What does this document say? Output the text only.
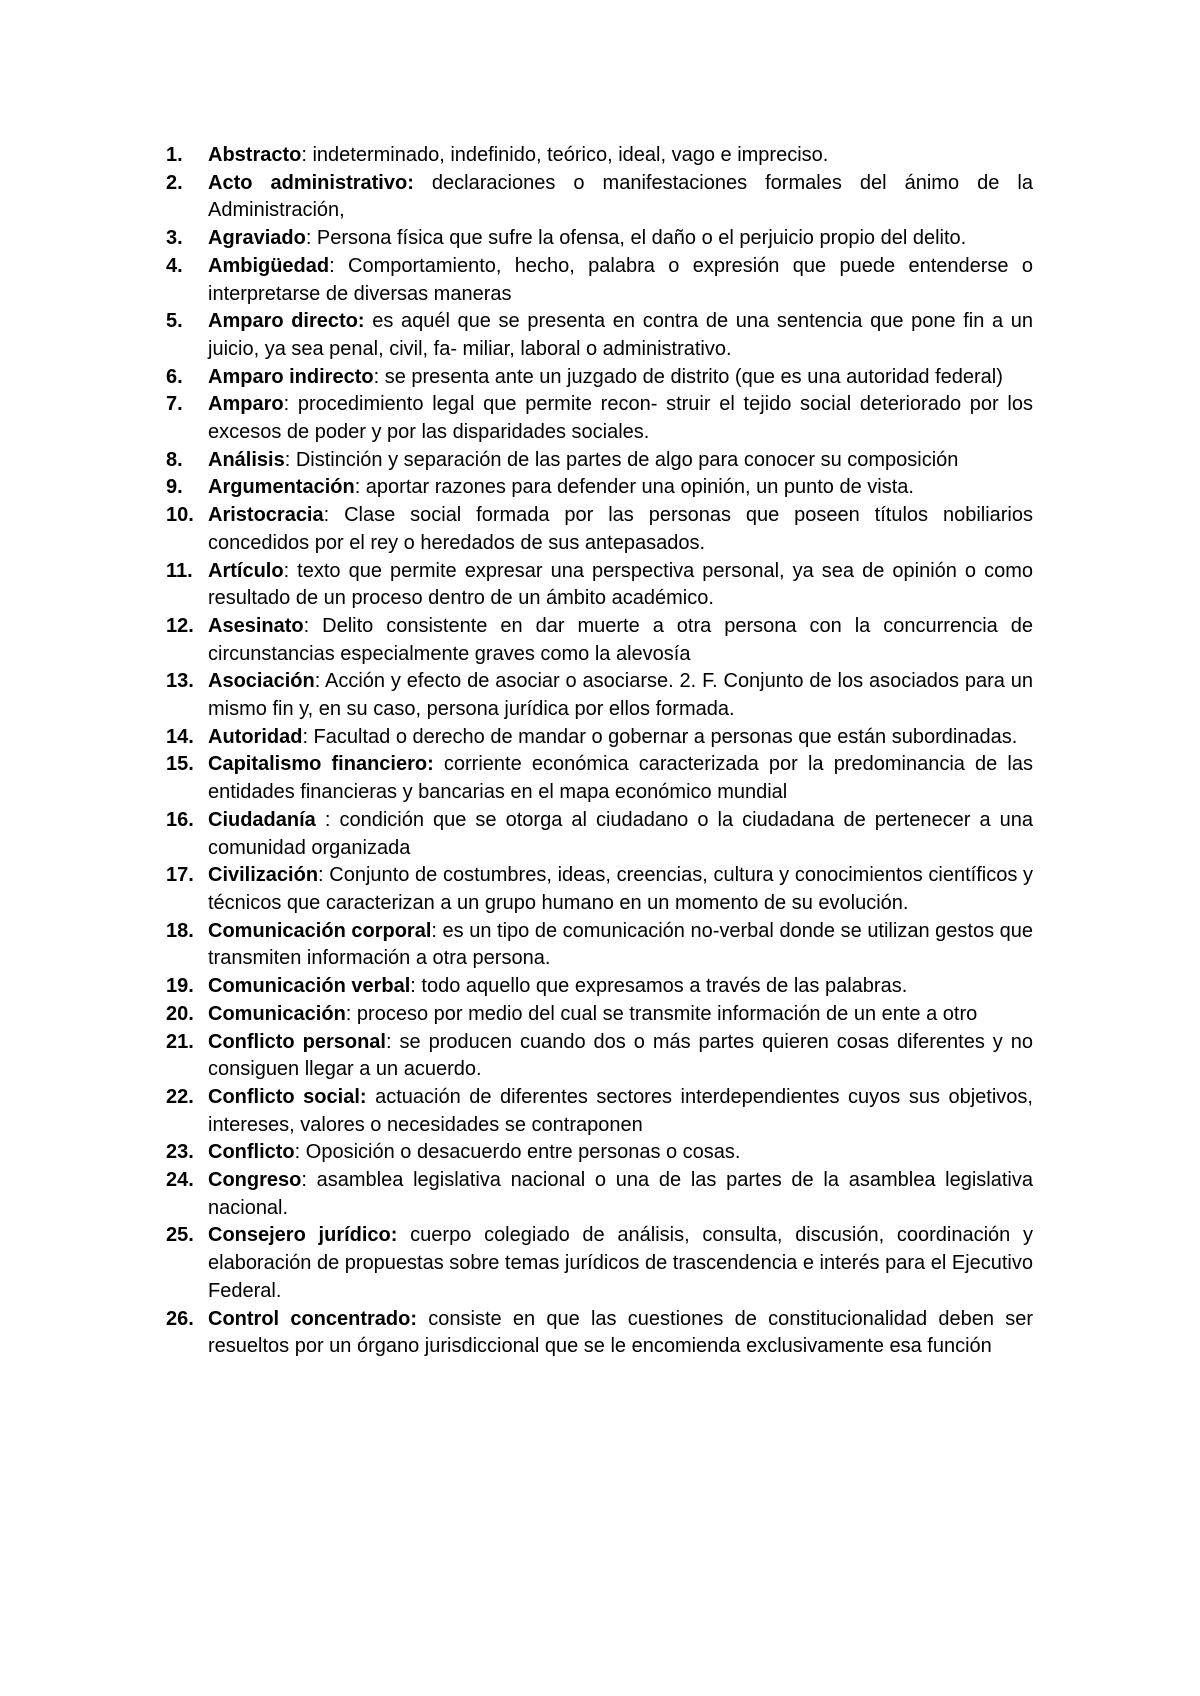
1.	Abstracto: indeterminado, indefinido, teórico, ideal, vago e impreciso.
2.	Acto administrativo: declaraciones o manifestaciones formales del ánimo de la Administración,
3.	Agraviado: Persona física que sufre la ofensa, el daño o el perjuicio propio del delito.
4.	Ambigüedad: Comportamiento, hecho, palabra o expresión que puede entenderse o interpretarse de diversas maneras
5.	Amparo directo: es aquél que se presenta en contra de una sentencia que pone fin a un juicio, ya sea penal, civil, fa- miliar, laboral o administrativo.
6.	Amparo indirecto: se presenta ante un juzgado de distrito (que es una autoridad federal)
7.	Amparo: procedimiento legal que permite recon- struir el tejido social deteriorado por los excesos de poder y por las disparidades sociales.
8.	Análisis: Distinción y separación de las partes de algo para conocer su composición
9.	Argumentación: aportar razones para defender una opinión, un punto de vista.
10. Aristocracia: Clase social formada por las personas que poseen títulos nobiliarios concedidos por el rey o heredados de sus antepasados.
11. Artículo: texto que permite expresar una perspectiva personal, ya sea de opinión o como resultado de un proceso dentro de un ámbito académico.
12. Asesinato: Delito consistente en dar muerte a otra persona con la concurrencia de circunstancias especialmente graves como la alevosía
13. Asociación: Acción y efecto de asociar o asociarse. 2. F. Conjunto de los asociados para un mismo fin y, en su caso, persona jurídica por ellos formada.
14. Autoridad: Facultad o derecho de mandar o gobernar a personas que están subordinadas.
15. Capitalismo financiero: corriente económica caracterizada por la predominancia de las entidades financieras y bancarias en el mapa económico mundial
16. Ciudadanía : condición que se otorga al ciudadano o la ciudadana de pertenecer a una comunidad organizada
17. Civilización: Conjunto de costumbres, ideas, creencias, cultura y conocimientos científicos y técnicos que caracterizan a un grupo humano en un momento de su evolución.
18. Comunicación corporal: es un tipo de comunicación no-verbal donde se utilizan gestos que transmiten información a otra persona.
19. Comunicación verbal: todo aquello que expresamos a través de las palabras.
20. Comunicación: proceso por medio del cual se transmite información de un ente a otro
21. Conflicto personal: se producen cuando dos o más partes quieren cosas diferentes y no consiguen llegar a un acuerdo.
22. Conflicto social: actuación de diferentes sectores interdependientes cuyos sus objetivos, intereses, valores o necesidades se contraponen
23. Conflicto: Oposición o desacuerdo entre personas o cosas.
24. Congreso: asamblea legislativa nacional o una de las partes de la asamblea legislativa nacional.
25. Consejero jurídico: cuerpo colegiado de análisis, consulta, discusión, coordinación y elaboración de propuestas sobre temas jurídicos de trascendencia e interés para el Ejecutivo Federal.
26. Control concentrado: consiste en que las cuestiones de constitucionalidad deben ser resueltos por un órgano jurisdiccional que se le encomienda exclusivamente esa función
